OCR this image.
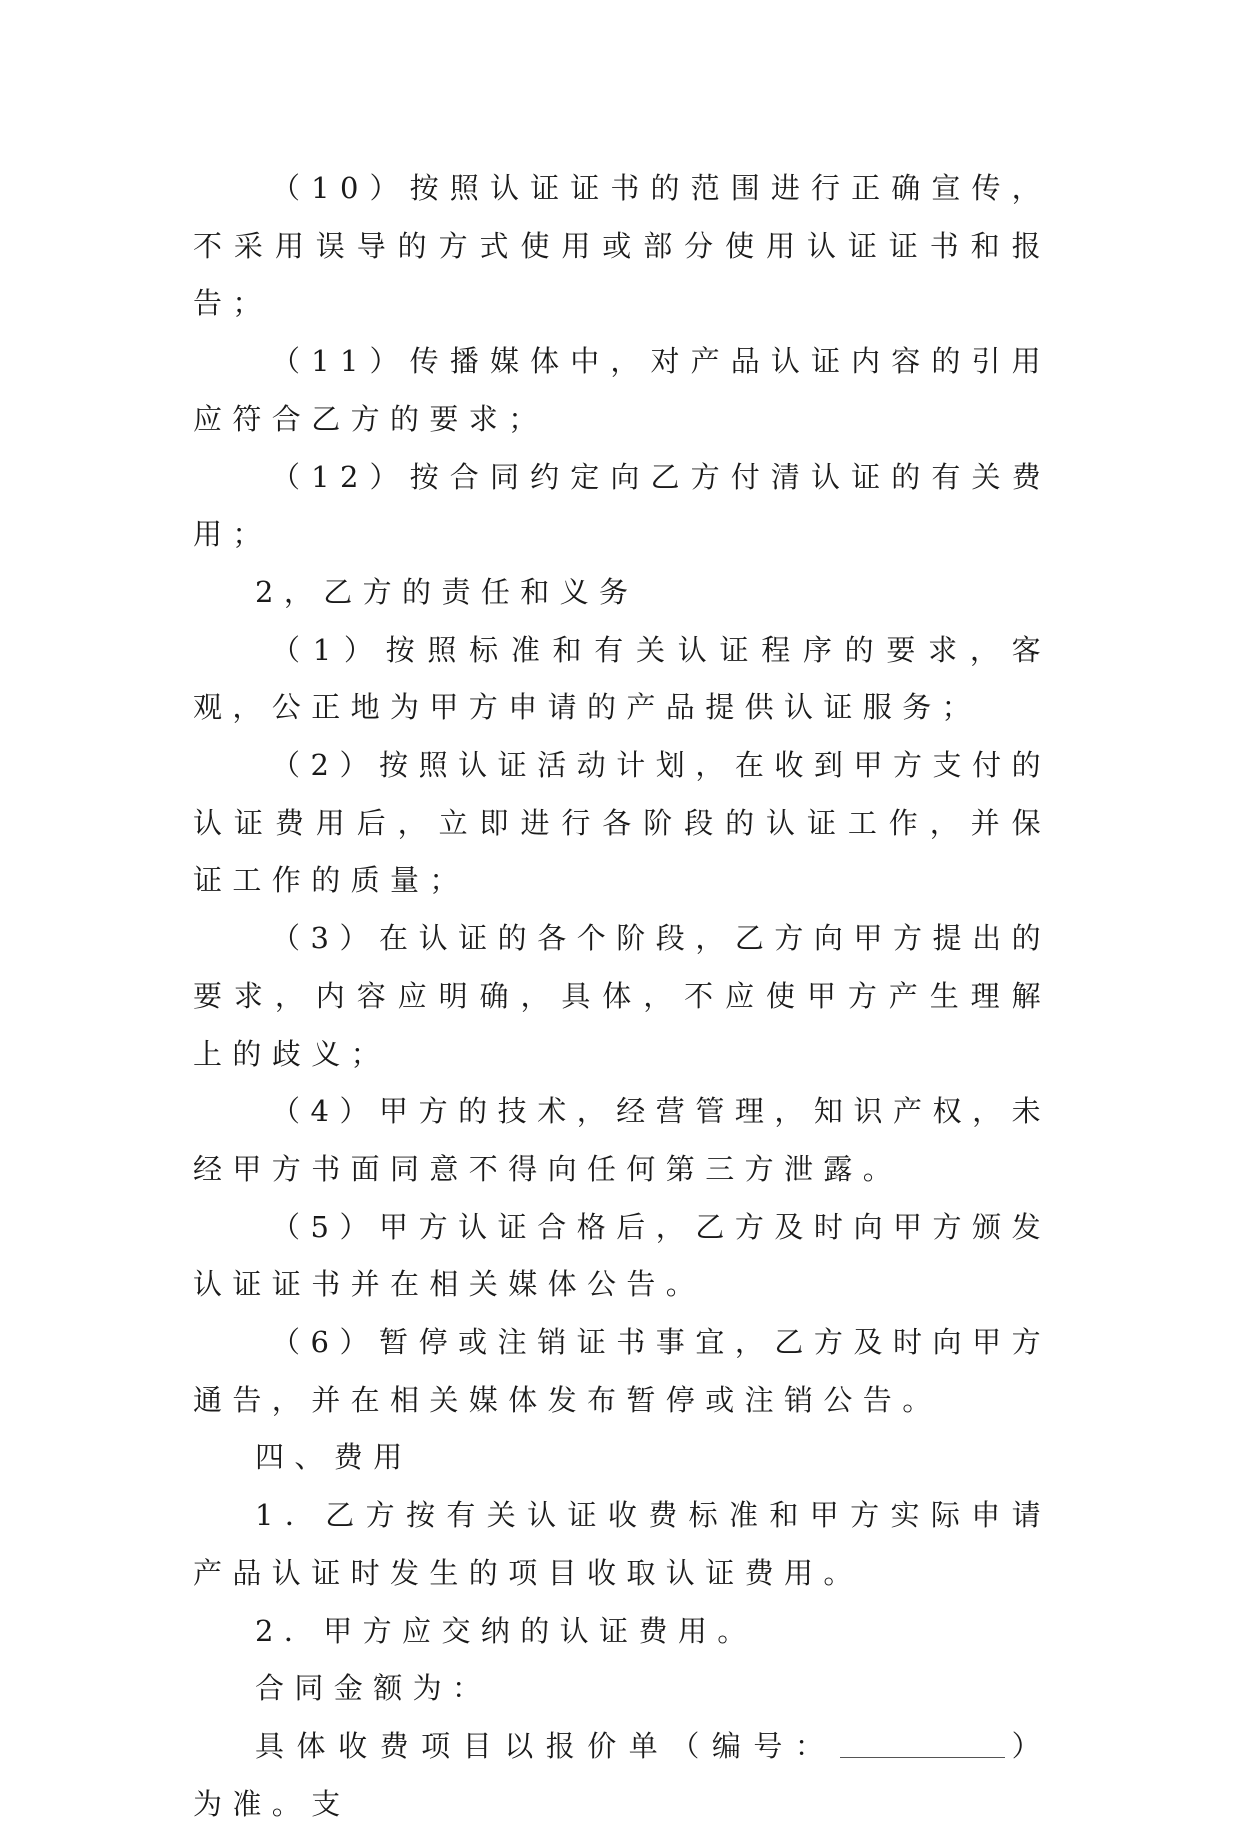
（10）按照认证证书的范围进行正确宣传，不采用误导的方式使用或部分使用认证证书和报告；

（11）传播媒体中，对产品认证内容的引用应符合乙方的要求；

（12）按合同约定向乙方付清认证的有关费用；

2，乙方的责任和义务

（1）按照标准和有关认证程序的要求，客观，公正地为甲方申请的产品提供认证服务；

（2）按照认证活动计划，在收到甲方支付的认证费用后，立即进行各阶段的认证工作，并保证工作的质量；

（3）在认证的各个阶段，乙方向甲方提出的要求，内容应明确，具体，不应使甲方产生理解上的歧义；

（4）甲方的技术，经营管理，知识产权，未经甲方书面同意不得向任何第三方泄露。

（5）甲方认证合格后，乙方及时向甲方颁发认证证书并在相关媒体公告。

（6）暂停或注销证书事宜，乙方及时向甲方通告，并在相关媒体发布暂停或注销公告。

四、费用

1．乙方按有关认证收费标准和甲方实际申请产品认证时发生的项目收取认证费用。

2．甲方应交纳的认证费用。

合同金额为：

具体收费项目以报价单（编号：	）为准。支
